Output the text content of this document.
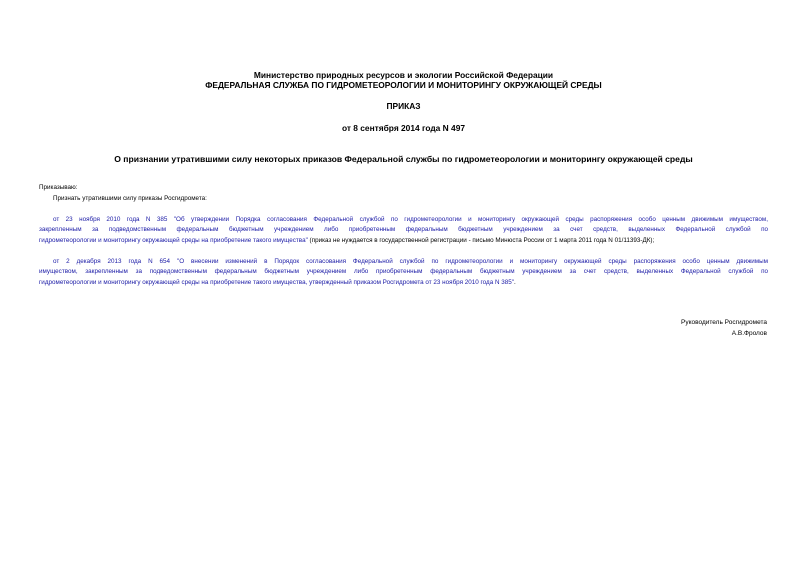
Министерство природных ресурсов и экологии Российской Федерации
ФЕДЕРАЛЬНАЯ СЛУЖБА ПО ГИДРОМЕТЕОРОЛОГИИ И МОНИТОРИНГУ ОКРУЖАЮЩЕЙ СРЕДЫ
ПРИКАЗ
от 8 сентября 2014 года N 497
О признании утратившими силу некоторых приказов Федеральной службы по гидрометеорологии и мониторингу окружающей среды
Приказываю:
Признать утратившими силу приказы Росгидромета:
от 23 ноября 2010 года N 385 "Об утверждении Порядка согласования Федеральной службой по гидрометеорологии и мониторингу окружающей среды распоряжения особо ценным движимым имуществом,
закрепленным за подведомственным федеральным бюджетным учреждением либо приобретенным федеральным бюджетным учреждением за счет средств, выделенных Федеральной службой по
гидрометеорологии и мониторингу окружающей среды на приобретение такого имущества" (приказ не нуждается в государственной регистрации - письмо Минюста России от 1 марта 2011 года N 01/11393-ДК);
от 2 декабря 2013 года N 654 "О внесении изменений в Порядок согласования Федеральной службой по гидрометеорологии и мониторингу окружающей среды распоряжения особо ценным движимым
имуществом, закрепленным за подведомственным федеральным бюджетным учреждением либо приобретенным федеральным бюджетным учреждением за счет средств, выделенных Федеральной службой по
гидрометеорологии и мониторингу окружающей среды на приобретение такого имущества, утвержденный приказом Росгидромета от 23 ноября 2010 года N 385".
Руководитель Росгидромета
А.В.Фролов
